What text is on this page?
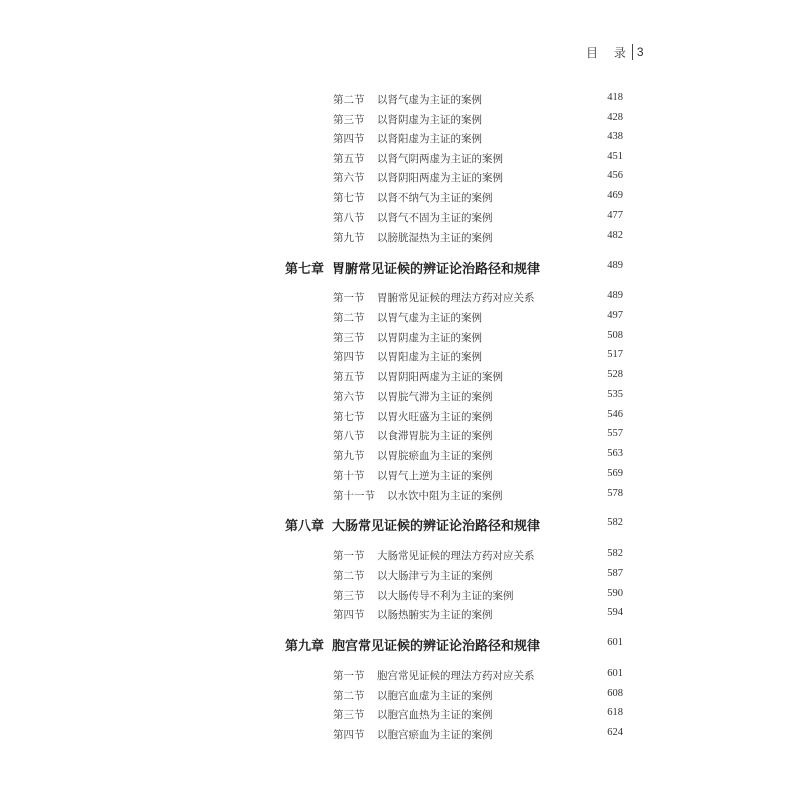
目 录 3
第二节 以肾气虚为主证的案例	418
第三节 以肾阴虚为主证的案例	428
第四节 以肾阳虚为主证的案例	438
第五节 以肾气阴两虚为主证的案例	451
第六节 以肾阴阳两虚为主证的案例	456
第七节 以肾不纳气为主证的案例	469
第八节 以肾气不固为主证的案例	477
第九节 以膀胱湿热为主证的案例	482
第七章 胃腑常见证候的辨证论治路径和规律	489
第一节 胃腑常见证候的理法方药对应关系	489
第二节 以胃气虚为主证的案例	497
第三节 以胃阴虚为主证的案例	508
第四节 以胃阳虚为主证的案例	517
第五节 以胃阴阳两虚为主证的案例	528
第六节 以胃脘气滞为主证的案例	535
第七节 以胃火旺盛为主证的案例	546
第八节 以食滞胃脘为主证的案例	557
第九节 以胃脘瘀血为主证的案例	563
第十节 以胃气上逆为主证的案例	569
第十一节 以水饮中阻为主证的案例	578
第八章 大肠常见证候的辨证论治路径和规律	582
第一节 大肠常见证候的理法方药对应关系	582
第二节 以大肠津亏为主证的案例	587
第三节 以大肠传导不利为主证的案例	590
第四节 以肠热腑实为主证的案例	594
第九章 胞宫常见证候的辨证论治路径和规律	601
第一节 胞宫常见证候的理法方药对应关系	601
第二节 以胞宫血虚为主证的案例	608
第三节 以胞宫血热为主证的案例	618
第四节 以胞宫瘀血为主证的案例	624
